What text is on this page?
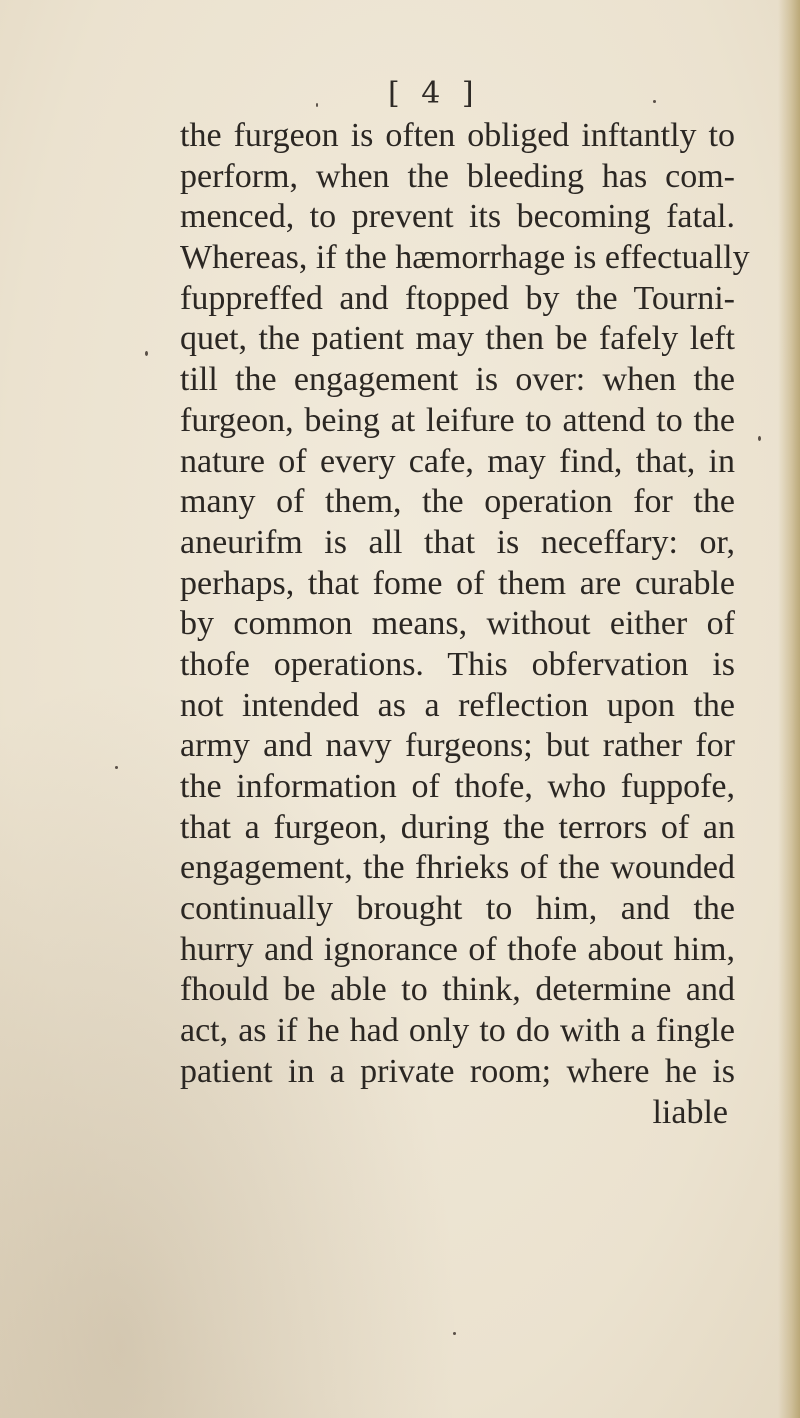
[ 4 ]
the furgeon is often obliged inftantly to
perform, when the bleeding has com-
menced, to prevent its becoming fatal.
Whereas, if the hæmorrhage is effectually
fuppreffed and ftopped by the Tourni-
quet, the patient may then be fafely left
till the engagement is over: when the
furgeon, being at leifure to attend to the
nature of every cafe, may find, that, in
many of them, the operation for the
aneurifm is all that is neceffary: or,
perhaps, that fome of them are curable
by common means, without either of
thofe operations. This obfervation is
not intended as a reflection upon the
army and navy furgeons; but rather for
the information of thofe, who fuppofe,
that a furgeon, during the terrors of an
engagement, the fhrieks of the wounded
continually brought to him, and the
hurry and ignorance of thofe about him,
fhould be able to think, determine and
act, as if he had only to do with a fingle
patient in a private room; where he is
liable
